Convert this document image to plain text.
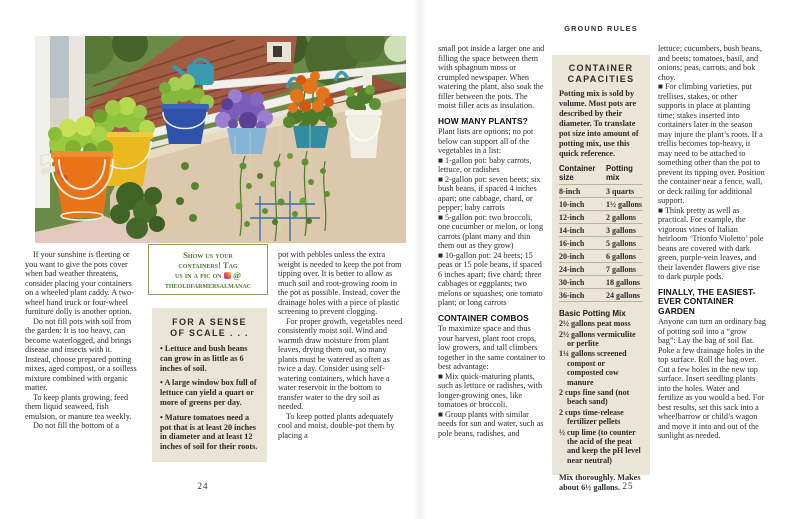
If your sunshine is fleeting or you want to give the pots cover when bad weather threatens, consider placing your containers on a wheeled plant caddy. A two-wheel hand truck or four-wheel furniture dolly is another option.

Do not fill pots with soil from the garden: It is too heavy, can become waterlogged, and brings disease and insects with it. Instead, choose prepared potting mixes, aged compost, or a soilless mixture combined with organic matter.

To keep plants growing, feed them liquid seaweed, fish emulsion, or manure tea weekly.

Do not fill the bottom of a

Show us your
containers! Tag
us in a pic on @
theoldfarmersalmanac
FOR A SENSE
OF SCALE . . .
• Lettuce and bush beans can grow in as little as 6 inches of soil.
• A large window box full of lettuce can yield a quart or more of greens per day.
• Mature tomatoes need a pot that is at least 20 inches in diameter and at least 12 inches of soil for their roots.

pot with pebbles unless the extra weight is needed to keep the pot from tipping over. It is better to allow as much soil and root-growing room in the pot as possible. Instead, cover the drainage holes with a piece of plastic screening to prevent clogging.

For proper growth, vegetables need consistently moist soil. Wind and warmth draw moisture from plant leaves, drying them out, so many plants must be watered as often as twice a day. Consider using self-watering containers, which have a water reservoir in the bottom to transfer water to the dry soil as needed.

To keep potted plants adequately cool and moist, double-pot them by placing a

24
GROUND RULES

small pot inside a larger one and filling the space between them with sphagnum moss or crumpled newspaper. When watering the plant, also soak the filler between the pots. The moist filler acts as insulation.

HOW MANY PLANTS?

Plant lists are options; no pot below can support all of the vegetables in a list:

■ 1-gallon pot: baby carrots, lettuce, or radishes

■ 2-gallon pot: seven beets; six bush beans, if spaced 4 inches apart; one cabbage, chard, or pepper; baby carrots

■ 5-gallon pot: two broccoli, one cucumber or melon, or long carrots (plant many and thin them out as they grow)

■ 10-gallon pot: 24 beets; 15 peas or 15 pole beans, if spaced 6 inches apart; five chard; three cabbages or eggplants; two melons or squashes; one tomato plant; or long carrots

CONTAINER COMBOS

To maximize space and thus your harvest, plant root crops, low growers, and tall climbers together in the same container to best advantage:

■ Mix quick-maturing plants, such as lettuce or radishes, with longer-growing ones, like tomatoes or broccoli.

■ Group plants with similar needs for sun and water, such as pole beans, radishes, and

CONTAINER
CAPACITIES
Potting mix is sold by volume. Most pots are described by their diameter. To translate pot size into amount of potting mix, use this quick reference.
Container size	Potting mix
8-inch	3 quarts
10-inch	1½ gallons
12-inch	2 gallons
14-inch	3 gallons
16-inch	5 gallons
20-inch	6 gallons
24-inch	7 gallons
30-inch	18 gallons
36-inch	24 gallons
Basic Potting Mix
2½ gallons peat moss
2½ gallons vermiculite or perlite
1¼ gallons screened compost or composted cow manure
2 cups fine sand (not beach sand)
2 cups time-release fertilizer pellets
½ cup lime (to counter the acid of the peat and keep the pH level near neutral)
Mix thoroughly. Makes about 6½ gallons.

lettuce; cucumbers, bush beans, and beets; tomatoes, basil, and onions; peas, carrots, and bok choy.

■ For climbing varieties, put trellises, stakes, or other supports in place at planting time; stakes inserted into containers later in the season may injure the plant’s roots. If a trellis becomes top-heavy, it may need to be attached to something other than the pot to prevent its tipping over. Position the container near a fence, wall, or deck railing for additional support.

■ Think pretty as well as practical. For example, the vigorous vines of Italian heirloom ‘Trionfo Violetto’ pole beans are covered with dark green, purple-vein leaves, and their lavender flowers give rise to dark purple pods.

FINALLY, THE EASIEST-EVER CONTAINER GARDEN

Anyone can turn an ordinary bag of potting soil into a “grow bag”: Lay the bag of soil flat. Poke a few drainage holes in the top surface. Roll the bag over. Cut a few holes in the new top surface. Insert seedling plants into the holes. Water and fertilize as you would a bed. For best results, set this sack into a wheelbarrow or child’s wagon and move it into and out of the sunlight as needed.

25
